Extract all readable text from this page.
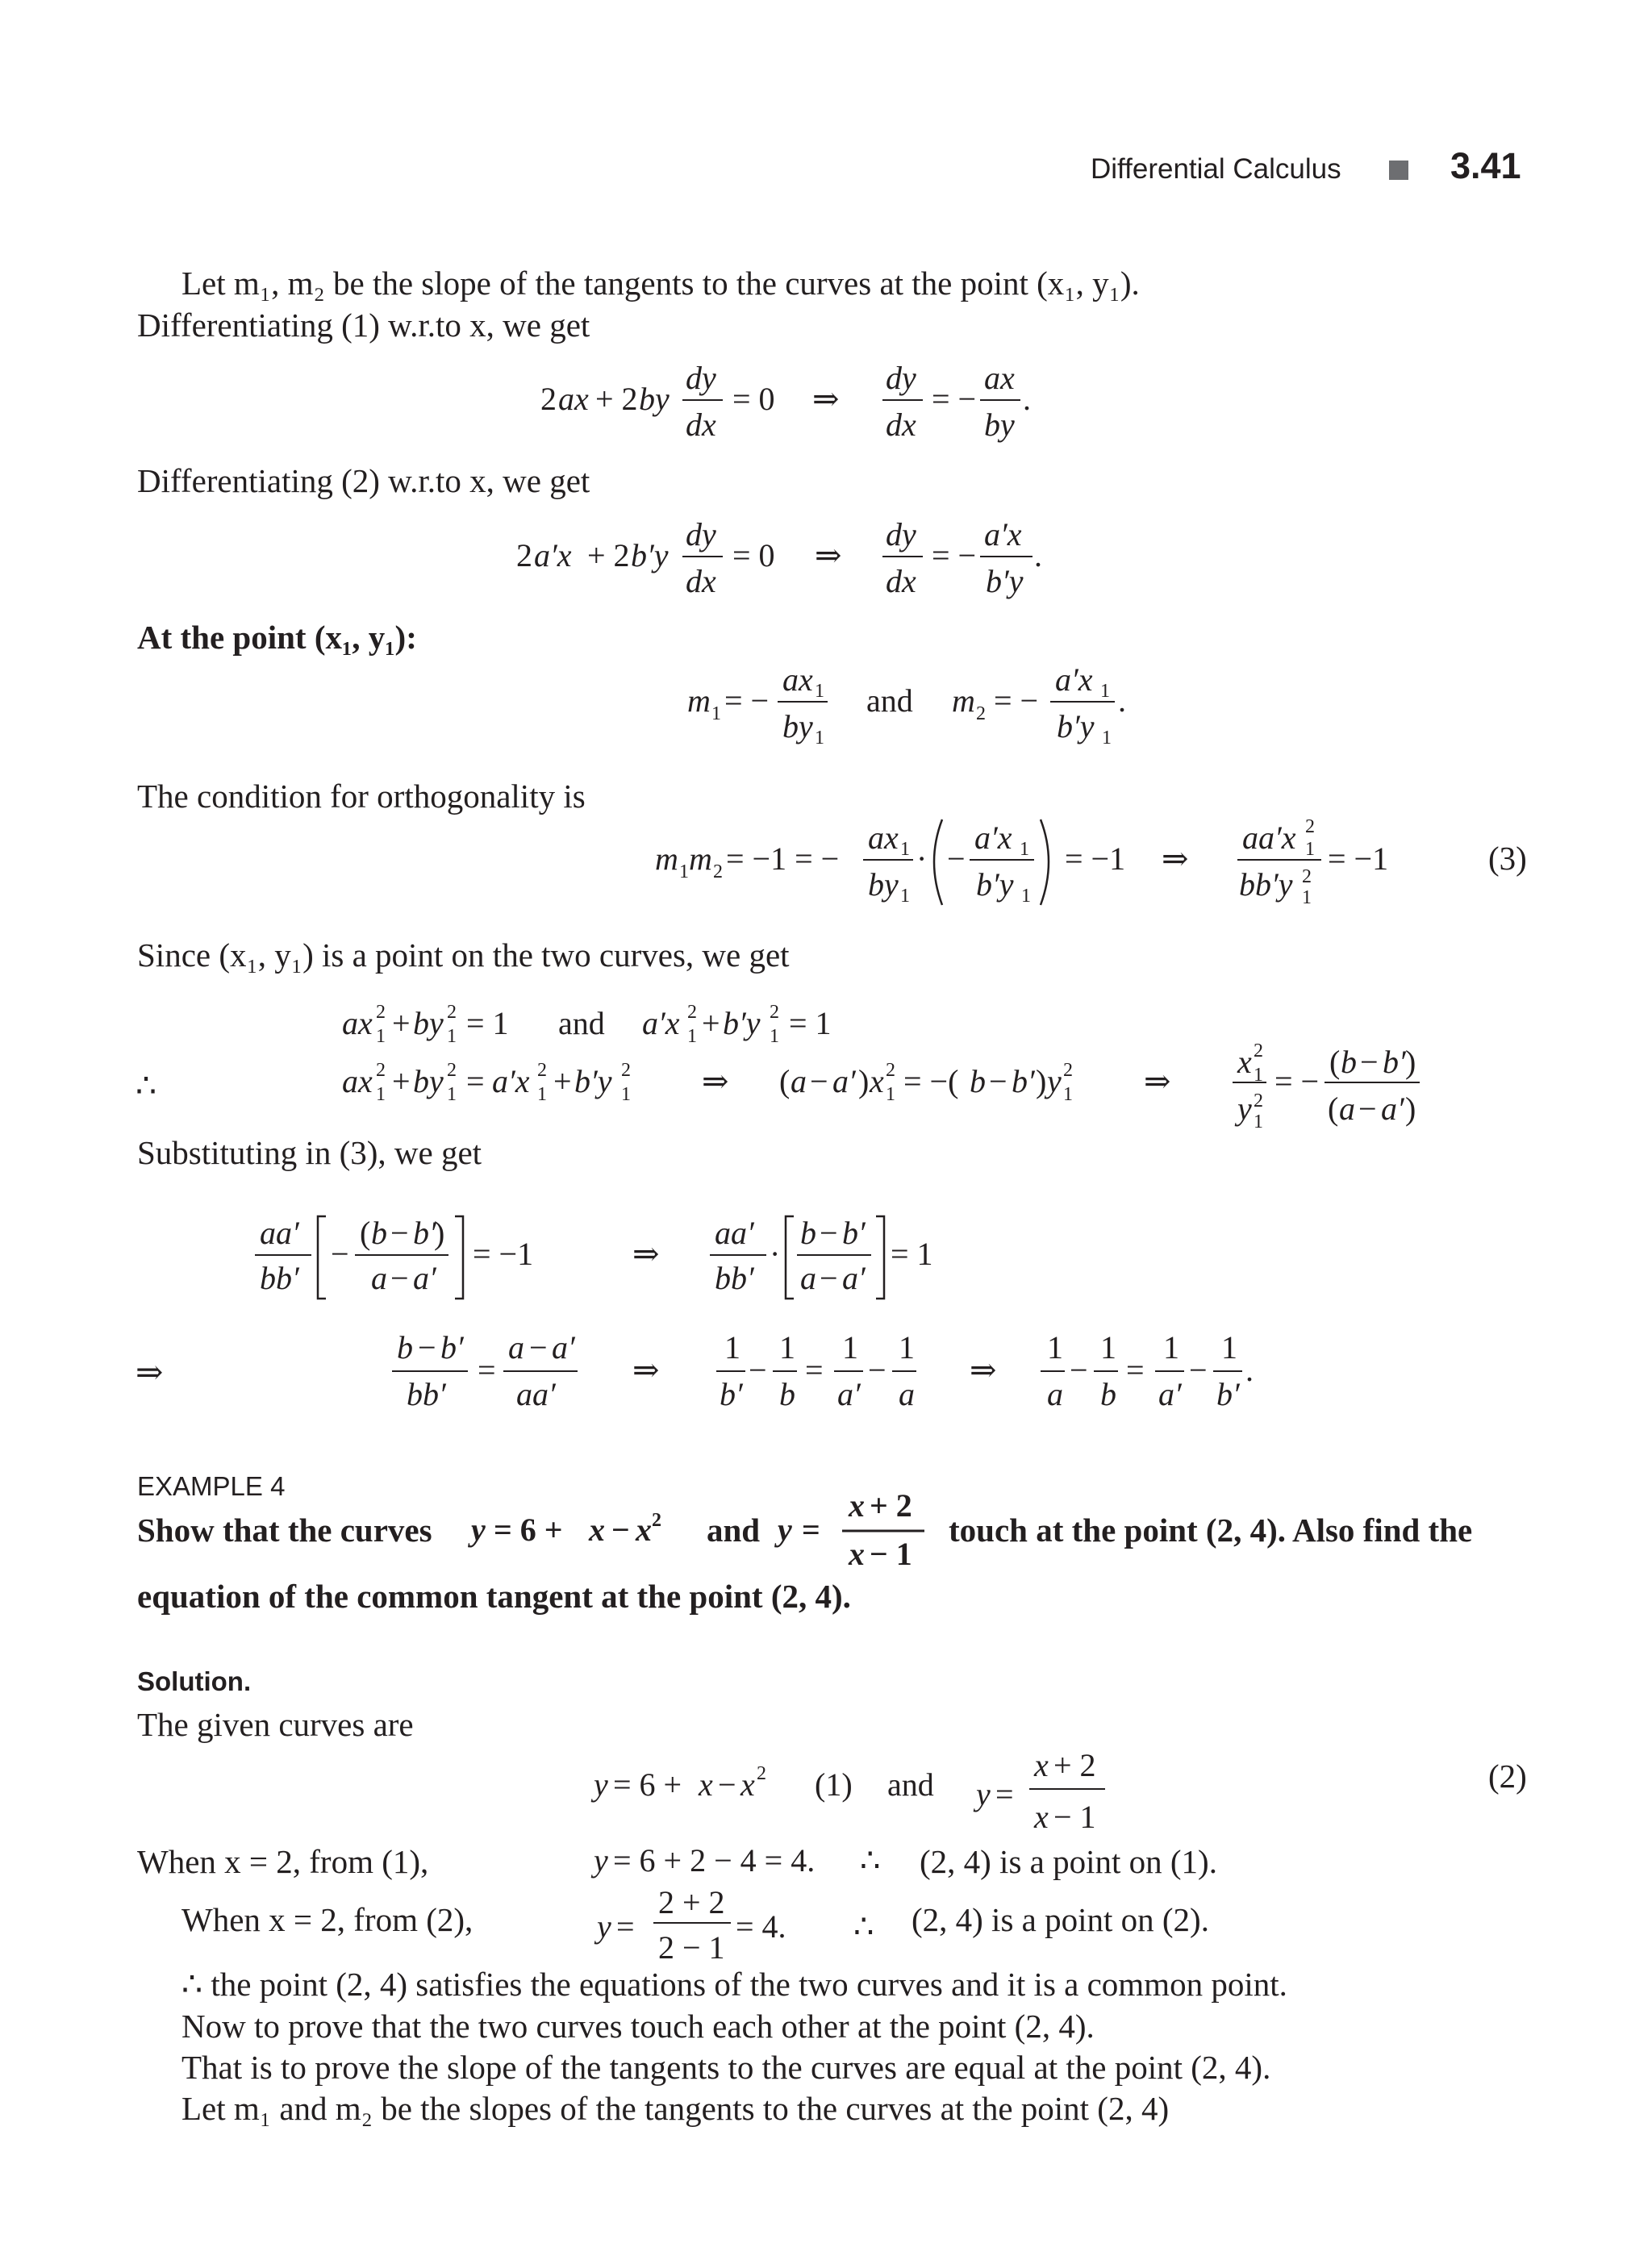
Differential Calculus	3.41
Let m₁, m₂ be the slope of the tangents to the curves at the point (x₁, y₁).
Differentiating (1) w.r.to x, we get
2 ax + 2 by
dy
dx
= 0 ⇒
dy
dx
= −
ax
by
.
Differentiating (2) w.r.to x, we get
2 a′x + 2 b′y
dy
dx
= 0 ⇒
dy
dx
= −
a′x
b′y
.
At the point (x₁, y₁):
m 1 = −
ax 1
by 1
and m 2 = −
a′x 1
b′y 1
.
The condition for orthogonality is
m 1 m 2 = −1 = −
ax 1
by 1
· −
a′x 1
b′y 1
= −1 ⇒
aa′x 2
1
bb′y 2
1
= −1	(3)
Since (x₁, y₁) is a point on the two curves, we get
ax 2
1 + by 2
1 = 1 and a′x 2
1 + b′y 2
1 = 1
∴	ax 2
1 + by 2
1 = a′x 2
1 + b′y 2
1 ⇒ ( a − a′ ) x 2
1 = −( b − b′ ) y 2
1 ⇒
x 2
1
y 2
1
= −
( b − b′ )
( a − a′ )
Substituting in (3), we get
aa′
bb′
−
( b − b′
)
a − a′
= −1	⇒
aa′
bb′
·
b − b′
a − a′
= 1
⇒
b − b′
bb′
=
a − a′
aa′
⇒
1
b′
−
1
b
=
1
a′
−
1
a
⇒
1
a
−
1
b
=
1
a′
−
1
b′
.
EXAMPLE 4
Show that the curves y = 6 + x − x 2 and y =
x + 2
x − 1
touch at the point (2, 4). Also find the
equation of the common tangent at the point (2, 4).
Solution.
The given curves are
y = 6 + x − x 2 (1) and y =
x + 2
x − 1
(2)
When x = 2, from (1),	y = 6 + 2 − 4 = 4. ∴ (2, 4) is a point on (1).
When x = 2, from (2),	y =
2 + 2
2 − 1
= 4. ∴ (2, 4) is a point on (2).
∴ the point (2, 4) satisfies the equations of the two curves and it is a common point.
Now to prove that the two curves touch each other at the point (2, 4).
That is to prove the slope of the tangents to the curves are equal at the point (2, 4).
Let m₁ and m₂ be the slopes of the tangents to the curves at the point (2, 4)
